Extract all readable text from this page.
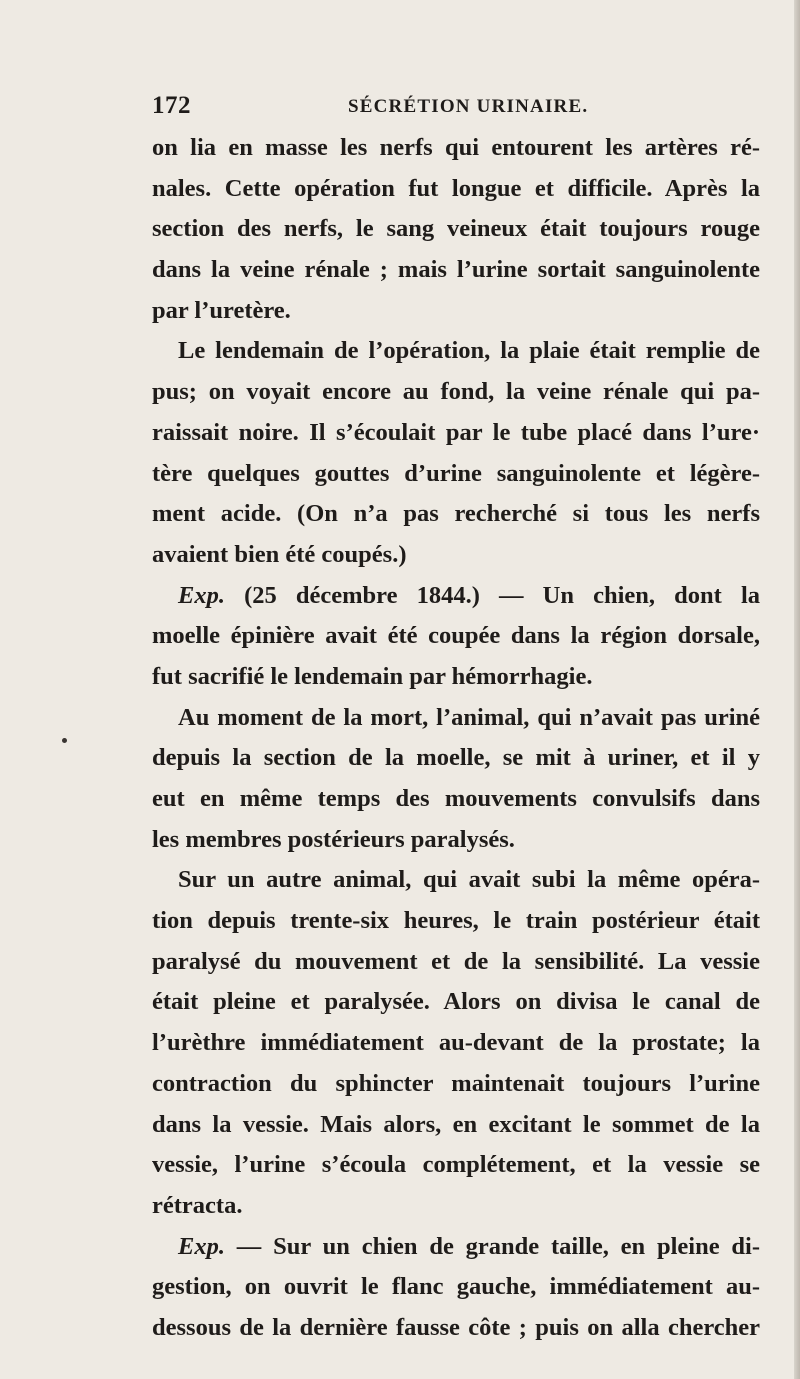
172	SÉCRÉTION URINAIRE.
on lia en masse les nerfs qui entourent les artères ré-
nales. Cette opération fut longue et difficile. Après la
section des nerfs, le sang veineux était toujours rouge
dans la veine rénale ; mais l’urine sortait sanguinolente
par l’uretère.
Le lendemain de l’opération, la plaie était remplie de
pus; on voyait encore au fond, la veine rénale qui pa-
raissait noire. Il s’écoulait par le tube placé dans l’ure·
tère quelques gouttes d’urine sanguinolente et légère-
ment acide. (On n’a pas recherché si tous les nerfs
avaient bien été coupés.)
Exp. (25 décembre 1844.) — Un chien, dont la
moelle épinière avait été coupée dans la région dorsale,
fut sacrifié le lendemain par hémorrhagie.
Au moment de la mort, l’animal, qui n’avait pas uriné
depuis la section de la moelle, se mit à uriner, et il y
eut en même temps des mouvements convulsifs dans
les membres postérieurs paralysés.
Sur un autre animal, qui avait subi la même opéra-
tion depuis trente-six heures, le train postérieur était
paralysé du mouvement et de la sensibilité. La vessie
était pleine et paralysée. Alors on divisa le canal de
l’urèthre immédiatement au-devant de la prostate; la
contraction du sphincter maintenait toujours l’urine
dans la vessie. Mais alors, en excitant le sommet de la
vessie, l’urine s’écoula complétement, et la vessie se
rétracta.
Exp. — Sur un chien de grande taille, en pleine di-
gestion, on ouvrit le flanc gauche, immédiatement au-
dessous de la dernière fausse côte ; puis on alla chercher
